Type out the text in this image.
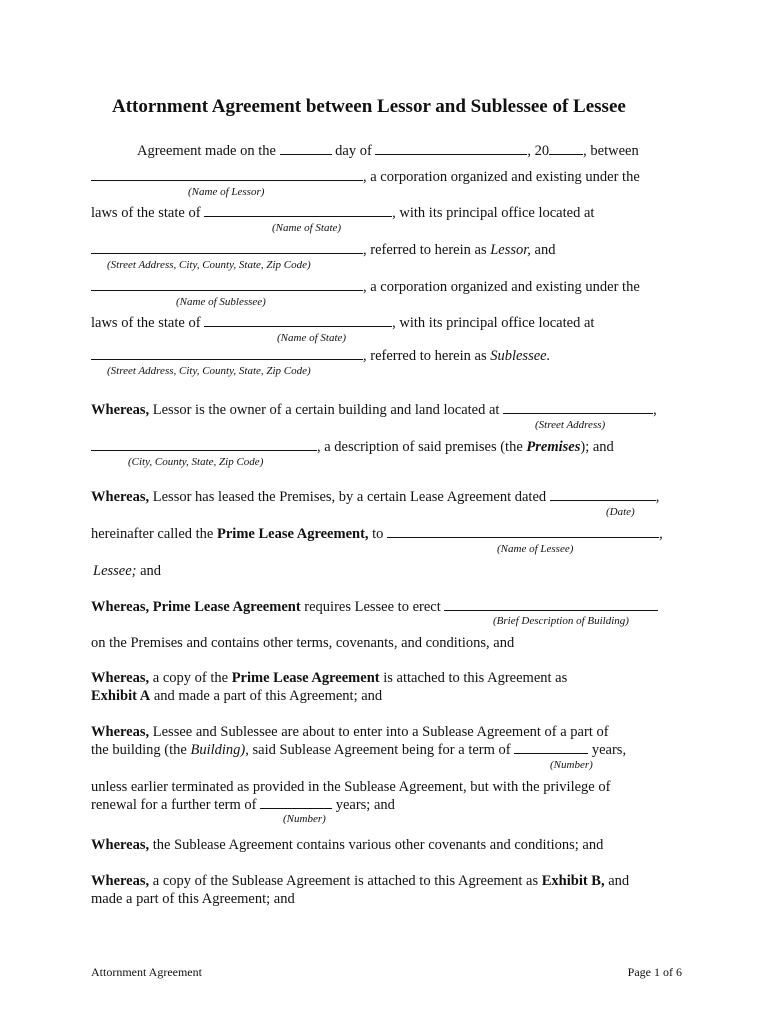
Attornment Agreement between Lessor and Sublessee of Lessee
Agreement made on the	day of	, 20 , between
, a corporation organized and existing under the
(Name of Lessor)
laws of the state of	, with its principal office located at
(Name of State)
, referred to herein as Lessor, and
(Street Address, City, County, State, Zip Code)
, a corporation organized and existing under the
(Name of Sublessee)
laws of the state of	, with its principal office located at
(Name of State)
, referred to herein as Sublessee.
(Street Address, City, County, State, Zip Code)
Whereas, Lessor is the owner of a certain building and land located at	,
(Street Address)
, a description of said premises (the Premises); and
(City, County, State, Zip Code)
Whereas, Lessor has leased the Premises, by a certain Lease Agreement dated	,
(Date)
hereinafter called the Prime Lease Agreement, to	,
(Name of Lessee)
Lessee; and
Whereas, Prime Lease Agreement requires Lessee to erect
(Brief Description of Building)
on the Premises and contains other terms, covenants, and conditions, and
Whereas, a copy of the Prime Lease Agreement is attached to this Agreement as
Exhibit A and made a part of this Agreement; and
Whereas, Lessee and Sublessee are about to enter into a Sublease Agreement of a part of
the building (the Building), said Sublease Agreement being for a term of	years,
(Number)
unless earlier terminated as provided in the Sublease Agreement, but with the privilege of
renewal for a further term of	years; and
(Number)
Whereas, the Sublease Agreement contains various other covenants and conditions; and
Whereas, a copy of the Sublease Agreement is attached to this Agreement as Exhibit B, and
made a part of this Agreement; and
Attornment Agreement	Page 1 of 6
